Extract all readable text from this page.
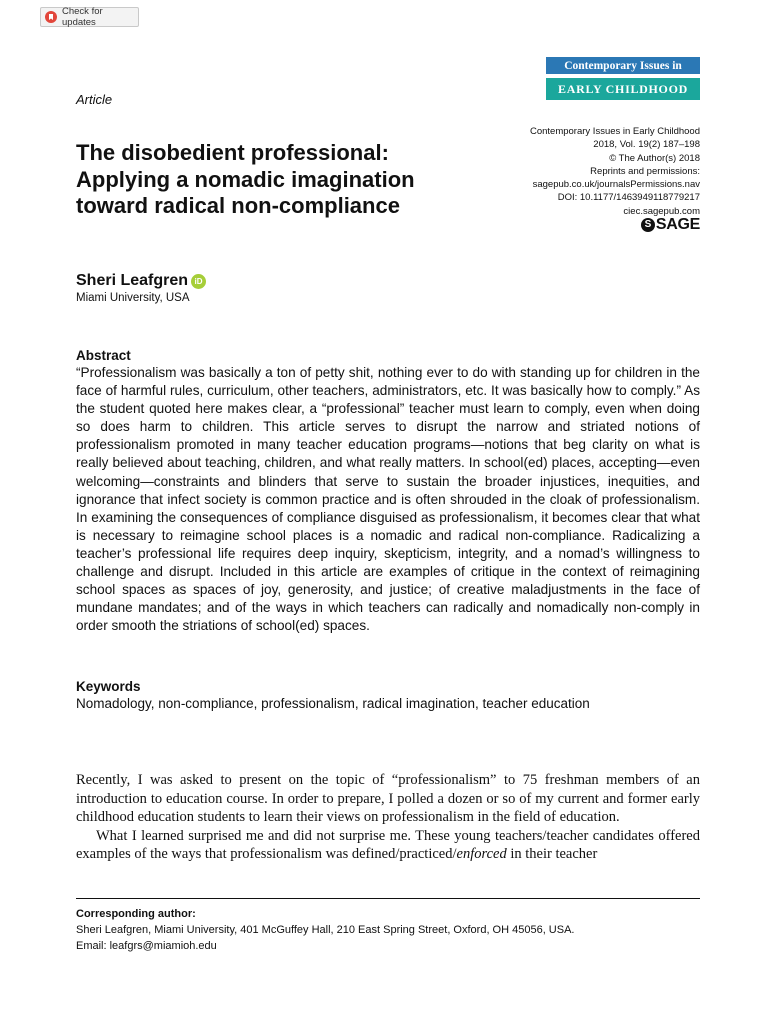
Check for updates
Contemporary Issues in
EARLY CHILDHOOD
Article
Contemporary Issues in Early Childhood
2018, Vol. 19(2) 187–198
© The Author(s) 2018
Reprints and permissions:
sagepub.co.uk/journalsPermissions.nav
DOI: 10.1177/1463949118779217
ciec.sagepub.com
S SAGE
The disobedient professional:
Applying a nomadic imagination
toward radical non-compliance
Sheri Leafgren iD
Miami University, USA
Abstract
“Professionalism was basically a ton of petty shit, nothing ever to do with standing up for children in the face of harmful rules, curriculum, other teachers, administrators, etc. It was basically how to comply.” As the student quoted here makes clear, a “professional” teacher must learn to comply, even when doing so does harm to children. This article serves to disrupt the narrow and striated notions of professionalism promoted in many teacher education programs—notions that beg clarity on what is really believed about teaching, children, and what really matters. In school(ed) places, accepting—even welcoming—constraints and blinders that serve to sustain the broader injustices, inequities, and ignorance that infect society is common practice and is often shrouded in the cloak of professionalism. In examining the consequences of compliance disguised as professionalism, it becomes clear that what is necessary to reimagine school places is a nomadic and radical non-compliance. Radicalizing a teacher’s professional life requires deep inquiry, skepticism, integrity, and a nomad’s willingness to challenge and disrupt. Included in this article are examples of critique in the context of reimagining school spaces as spaces of joy, generosity, and justice; of creative maladjustments in the face of mundane mandates; and of the ways in which teachers can radically and nomadically non-comply in order smooth the striations of school(ed) spaces.
Keywords
Nomadology, non-compliance, professionalism, radical imagination, teacher education

Recently, I was asked to present on the topic of “professionalism” to 75 freshman members of an introduction to education course. In order to prepare, I polled a dozen or so of my current and former early childhood education students to learn their views on professionalism in the field of education.

What I learned surprised me and did not surprise me. These young teachers/teacher candidates offered examples of the ways that professionalism was defined/practiced/enforced in their teacher

Corresponding author:
Sheri Leafgren, Miami University, 401 McGuffey Hall, 210 East Spring Street, Oxford, OH 45056, USA.
Email: leafgrs@miamioh.edu
